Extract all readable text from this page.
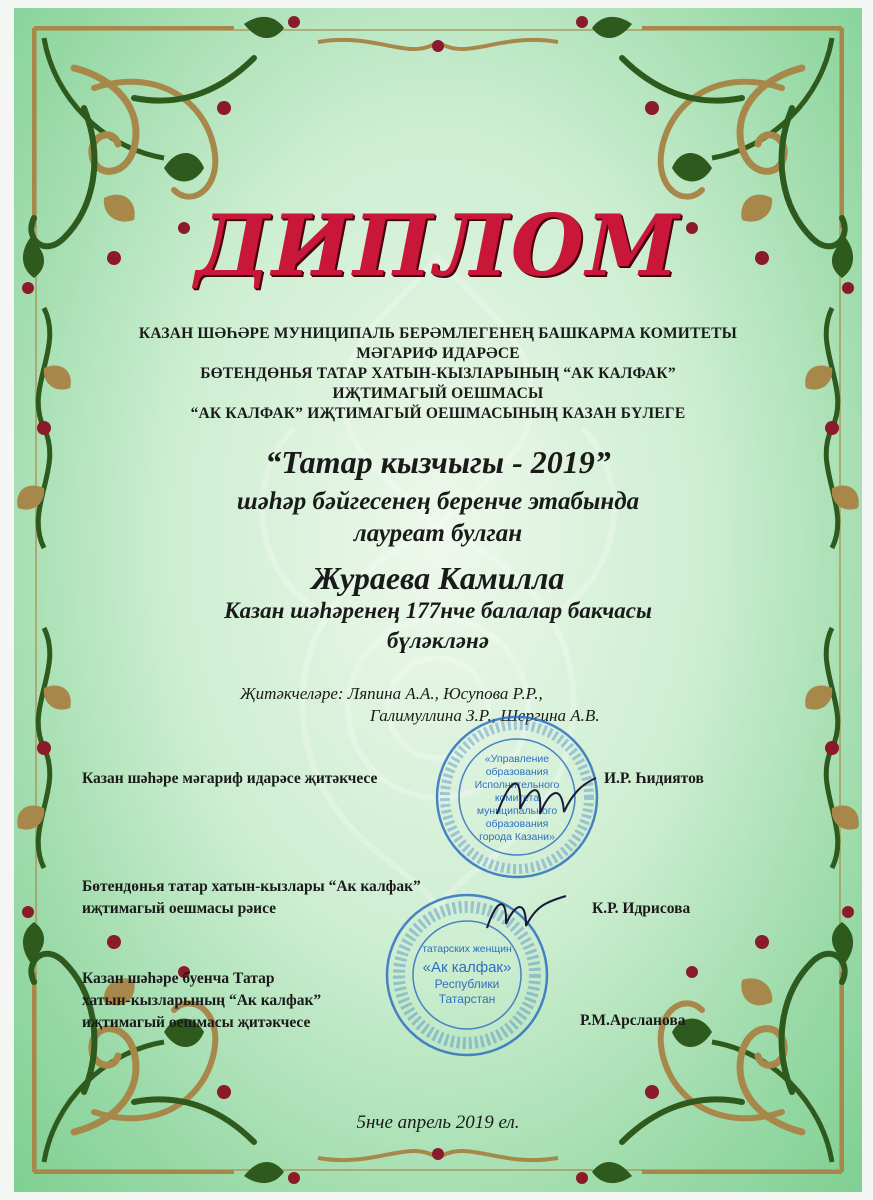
ДИПЛОМ
КАЗАН ШӘҺӘРЕ МУНИЦИПАЛЬ БЕРӘМЛЕГЕНЕҢ БАШКАРМА КОМИТЕТЫ
МӘГАРИФ ИДАРӘСЕ
БӨТЕНДӨНЬЯ ТАТАР ХАТЫН-КЫЗЛАРЫНЫҢ “АК КАЛФАК”
ИҖТИМАГЫЙ ОЕШМАСЫ
“АК КАЛФАК” ИҖТИМАГЫЙ ОЕШМАСЫНЫҢ КАЗАН БҮЛЕГЕ
“Татар кызчыгы - 2019”
шәһәр бәйгесенең беренче этабында
лауреат булган
Жураева Камилла
Казан шәһәренең 177нче балалар бакчасы
бүләкләнә
Җитәкчеләре: Ляпина А.А., Юсупова Р.Р.,
Галимуллина З.Р., Шергина А.В.
«Управление
образования
Исполнительного
комитета
муниципального
образования
города Казани»
Казан шәһәре мәгариф идарәсе җитәкчесе	И.Р. Һидиятов
татарских женщин
«Ак калфак»
Республики
Татарстан
Бөтендөнья татар хатын-кызлары “Ак калфак”
иҗтимагый оешмасы рәисе	К.Р. Идрисова
Казан шәһәре буенча Татар
хатын-кызларының “Ак калфак”
иҗтимагый оешмасы җитәкчесе	Р.М.Арсланова
5нче апрель 2019 ел.
